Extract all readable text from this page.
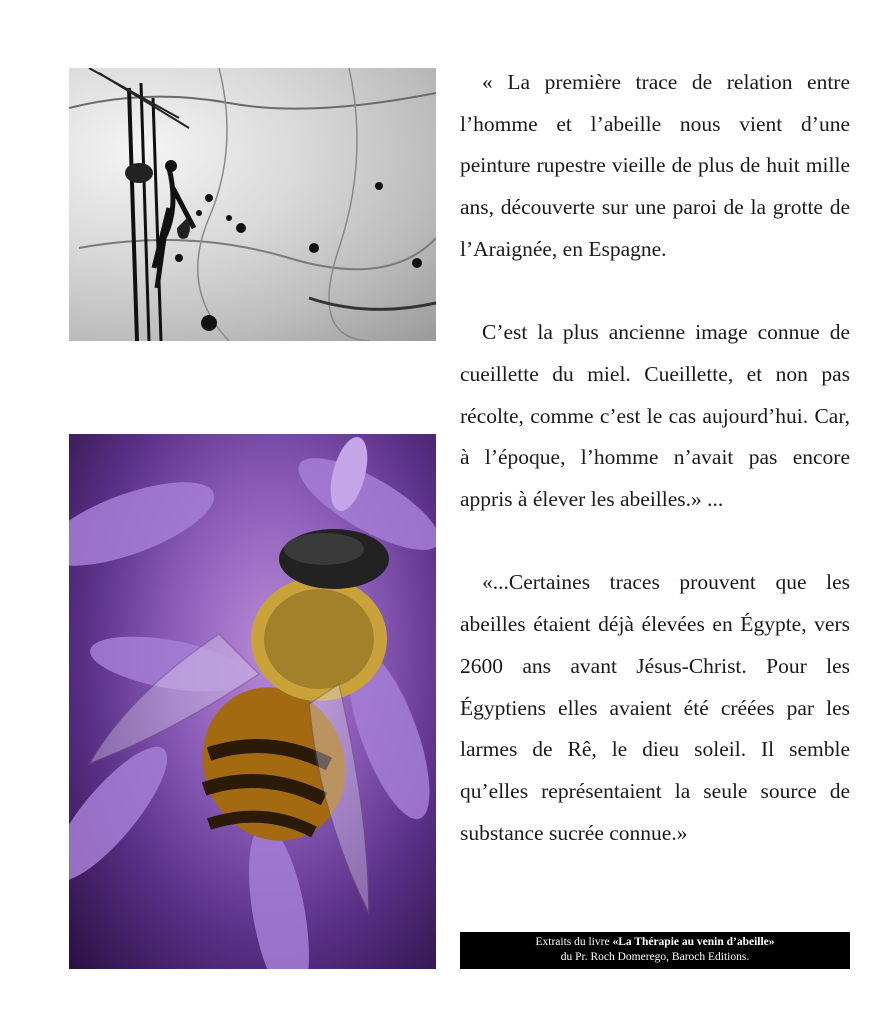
« La première trace de relation entre l’homme et l’abeille nous vient d’une peinture rupestre vieille de plus de huit mille ans, découverte sur une paroi de la grotte de l’Araignée, en Espagne.

C’est la plus ancienne image connue de cueillette du miel. Cueillette, et non pas récolte, comme c’est le cas aujourd’hui. Car, à l’époque, l’homme n’avait pas encore appris à élever les abeilles.» ...

«...Certaines traces prouvent que les abeilles étaient déjà élevées en Égypte, vers 2600 ans avant Jésus-Christ. Pour les Égyptiens elles avaient été créées par les larmes de Rê, le dieu soleil. Il semble qu’elles représentaient la seule source de substance sucrée connue.»

Extraits du livre «La Thérapie au venin d’abeille»
du Pr. Roch Domerego, Baroch Editions.
